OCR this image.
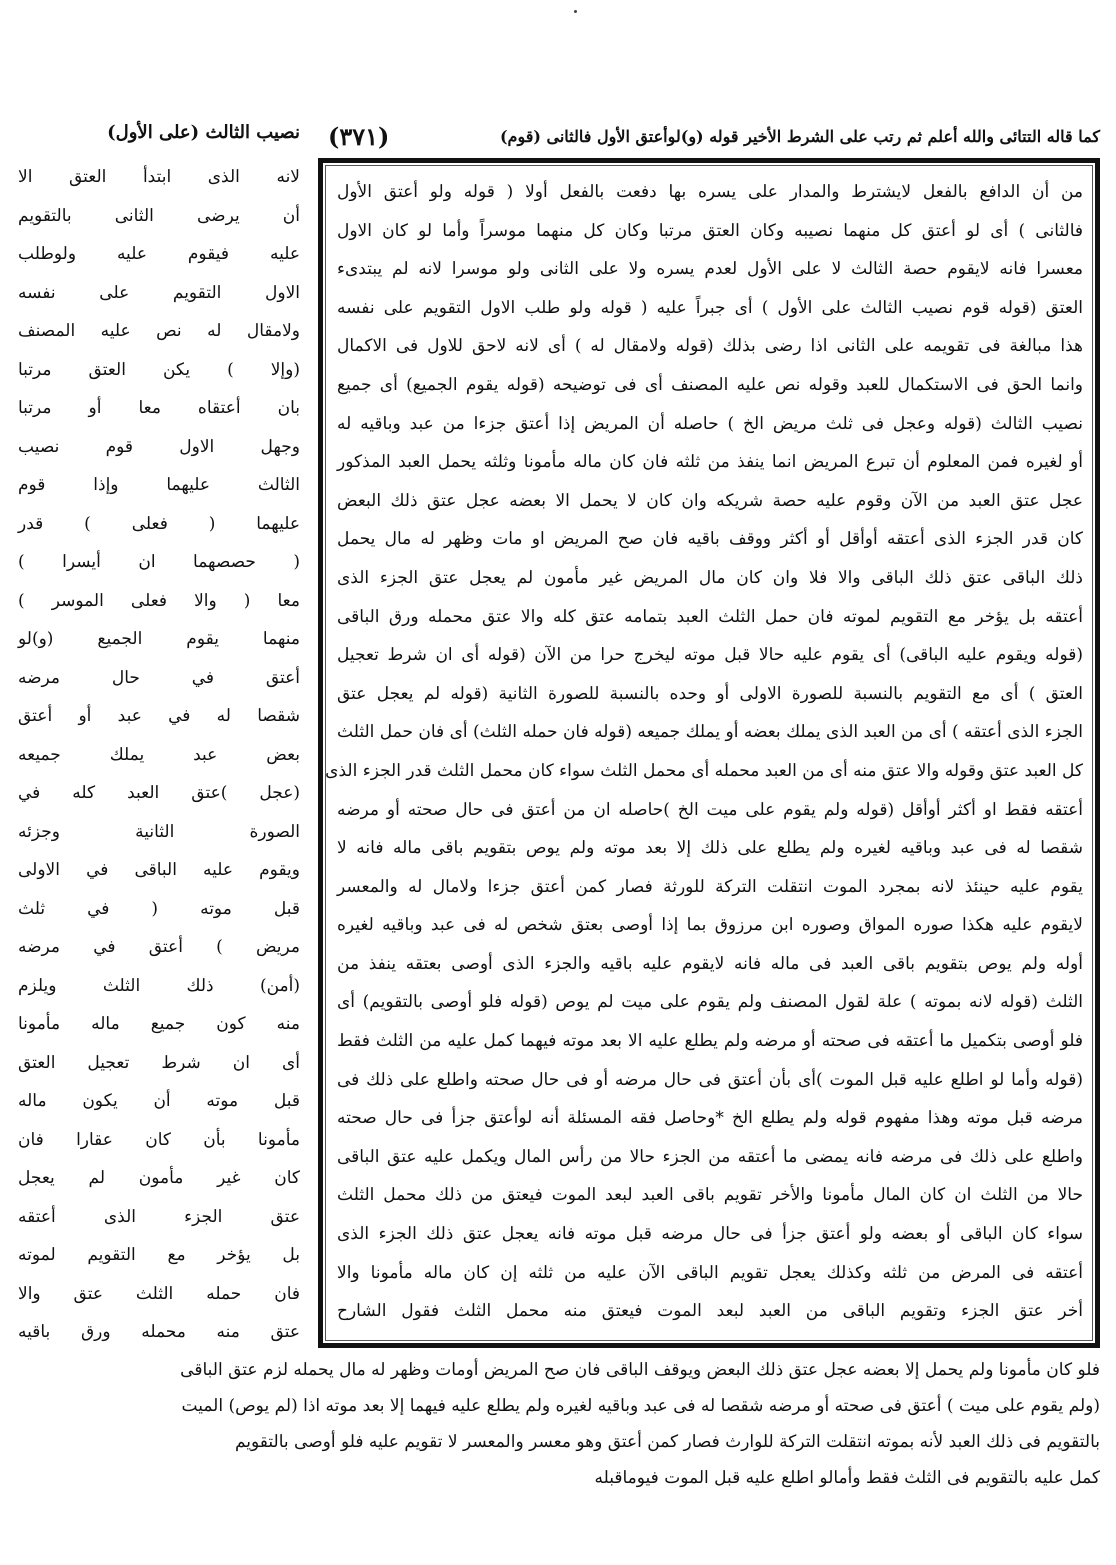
كما قاله التتائى والله أعلم ثم رتب على الشرط الأخير قوله (و)لوأعتق الأول فالثانى (قوم)
(٣٧١)
نصيب الثالث (على الأول)
لانه الذى ابتدأ العتق الا
أن يرضى الثانى بالتقويم
عليه فيقوم عليه ولوطلب
الاول التقويم على نفسه
ولامقال له نص عليه المصنف
(وإلا ) يكن العتق مرتبا
بان أعتقاه معا أو مرتبا
وجهل الاول قوم نصيب
الثالث عليهما وإذا قوم
عليهما ( فعلى ) قدر
( حصصهما ان أيسرا )
معا ( والا فعلى الموسر )
منهما يقوم الجميع (و)لو
أعتق في حال مرضه
شقصا له في عبد أو أعتق
بعض عبد يملك جميعه
(عجل )عتق العبد كله في
الصورة الثانية وجزئه
ويقوم عليه الباقى في الاولى
قبل موته ( في ثلث
مريض ) أعتق في مرضه
(أمن) ذلك الثلث ويلزم
منه كون جميع ماله مأمونا
أى ان شرط تعجيل العتق
قبل موته أن يكون ماله
مأمونا بأن كان عقارا فان
كان غير مأمون لم يعجل
عتق الجزء الذى أعتقه
بل يؤخر مع التقويم لموته
فان حمله الثلث عتق والا
عتق منه محمله ورق باقيه
من أن الدافع بالفعل لايشترط والمدار على يسره بها دفعت بالفعل أولا ( قوله ولو أعتق الأول
فالثانى ) أى لو أعتق كل منهما نصيبه وكان العتق مرتبا وكان كل منهما موسراً وأما لو كان الاول
معسرا فانه لايقوم حصة الثالث لا على الأول لعدم يسره ولا على الثانى ولو موسرا لانه لم يبتدىء
العتق (قوله قوم نصيب الثالث على الأول ) أى جبراً عليه ( قوله ولو طلب الاول التقويم على نفسه
هذا مبالغة فى تقويمه على الثانى اذا رضى بذلك (قوله ولامقال له ) أى لانه لاحق للاول فى الاكمال
وانما الحق فى الاستكمال للعبد وقوله نص عليه المصنف أى فى توضيحه (قوله يقوم الجميع) أى جميع
نصيب الثالث (قوله وعجل فى ثلث مريض الخ ) حاصله أن المريض إذا أعتق جزءا من عبد وباقيه له
أو لغيره فمن المعلوم أن تبرع المريض انما ينفذ من ثلثه فان كان ماله مأمونا وثلثه يحمل العبد المذكور
عجل عتق العبد من الآن وقوم عليه حصة شريكه وان كان لا يحمل الا بعضه عجل عتق ذلك البعض
كان قدر الجزء الذى أعتقه أوأقل أو أكثر ووقف باقيه فان صح المريض او مات وظهر له مال يحمل
ذلك الباقى عتق ذلك الباقى والا فلا وان كان مال المريض غير مأمون لم يعجل عتق الجزء الذى
أعتقه بل يؤخر مع التقويم لموته فان حمل الثلث العبد بتمامه عتق كله والا عتق محمله ورق الباقى
(قوله ويقوم عليه الباقى) أى يقوم عليه حالا قبل موته ليخرج حرا من الآن (قوله أى ان شرط تعجيل
العتق ) أى مع التقويم بالنسبة للصورة الاولى أو وحده بالنسبة للصورة الثانية (قوله لم يعجل عتق
الجزء الذى أعتقه ) أى من العبد الذى يملك بعضه أو يملك جميعه (قوله فان حمله الثلث) أى فان حمل الثلث
كل العبد عتق وقوله والا عتق منه أى من العبد محمله أى محمل الثلث سواء كان محمل الثلث قدر الجزء الذى
أعتقه فقط او أكثر أوأقل (قوله ولم يقوم على ميت الخ )حاصله ان من أعتق فى حال صحته أو مرضه
شقصا له فى عبد وباقيه لغيره ولم يطلع على ذلك إلا بعد موته ولم يوص بتقويم باقى ماله فانه لا
يقوم عليه حينئذ لانه بمجرد الموت انتقلت التركة للورثة فصار كمن أعتق جزءا ولامال له والمعسر
لايقوم عليه هكذا صوره المواق وصوره ابن مرزوق بما إذا أوصى بعتق شخص له فى عبد وباقيه لغيره
أوله ولم يوص بتقويم باقى العبد فى ماله فانه لايقوم عليه باقيه والجزء الذى أوصى بعتقه ينفذ من
الثلث (قوله لانه بموته ) علة لقول المصنف ولم يقوم على ميت لم يوص (قوله فلو أوصى بالتقويم) أى
فلو أوصى بتكميل ما أعتقه فى صحته أو مرضه ولم يطلع عليه الا بعد موته فيهما كمل عليه من الثلث فقط
(قوله وأما لو اطلع عليه قبل الموت )أى بأن أعتق فى حال مرضه أو فى حال صحته واطلع على ذلك فى
مرضه قبل موته وهذا مفهوم قوله ولم يطلع الخ *وحاصل فقه المسئلة أنه لوأعتق جزأ فى حال صحته
واطلع على ذلك فى مرضه فانه يمضى ما أعتقه من الجزء حالا من رأس المال ويكمل عليه عتق الباقى
حالا من الثلث ان كان المال مأمونا والأخر تقويم باقى العبد لبعد الموت فيعتق من ذلك محمل الثلث
سواء كان الباقى أو بعضه ولو أعتق جزأ فى حال مرضه قبل موته فانه يعجل عتق ذلك الجزء الذى
أعتقه فى المرض من ثلثه وكذلك يعجل تقويم الباقى الآن عليه من ثلثه إن كان ماله مأمونا والا
أخر عتق الجزء وتقويم الباقى من العبد لبعد الموت فيعتق منه محمل الثلث فقول الشارح
فلو كان مأمونا ولم يحمل إلا بعضه عجل عتق ذلك البعض ويوقف الباقى فان صح المريض أومات وظهر له مال يحمله لزم عتق الباقى
(ولم يقوم على ميت ) أعتق فى صحته أو مرضه شقصا له فى عبد وباقيه لغيره ولم يطلع عليه فيهما إلا بعد موته اذا (لم يوص) الميت
بالتقويم فى ذلك العبد لأنه بموته انتقلت التركة للوارث فصار كمن أعتق وهو معسر والمعسر لا تقويم عليه فلو أوصى بالتقويم
كمل عليه بالتقويم فى الثلث فقط وأمالو اطلع عليه قبل الموت فيوماقبله
